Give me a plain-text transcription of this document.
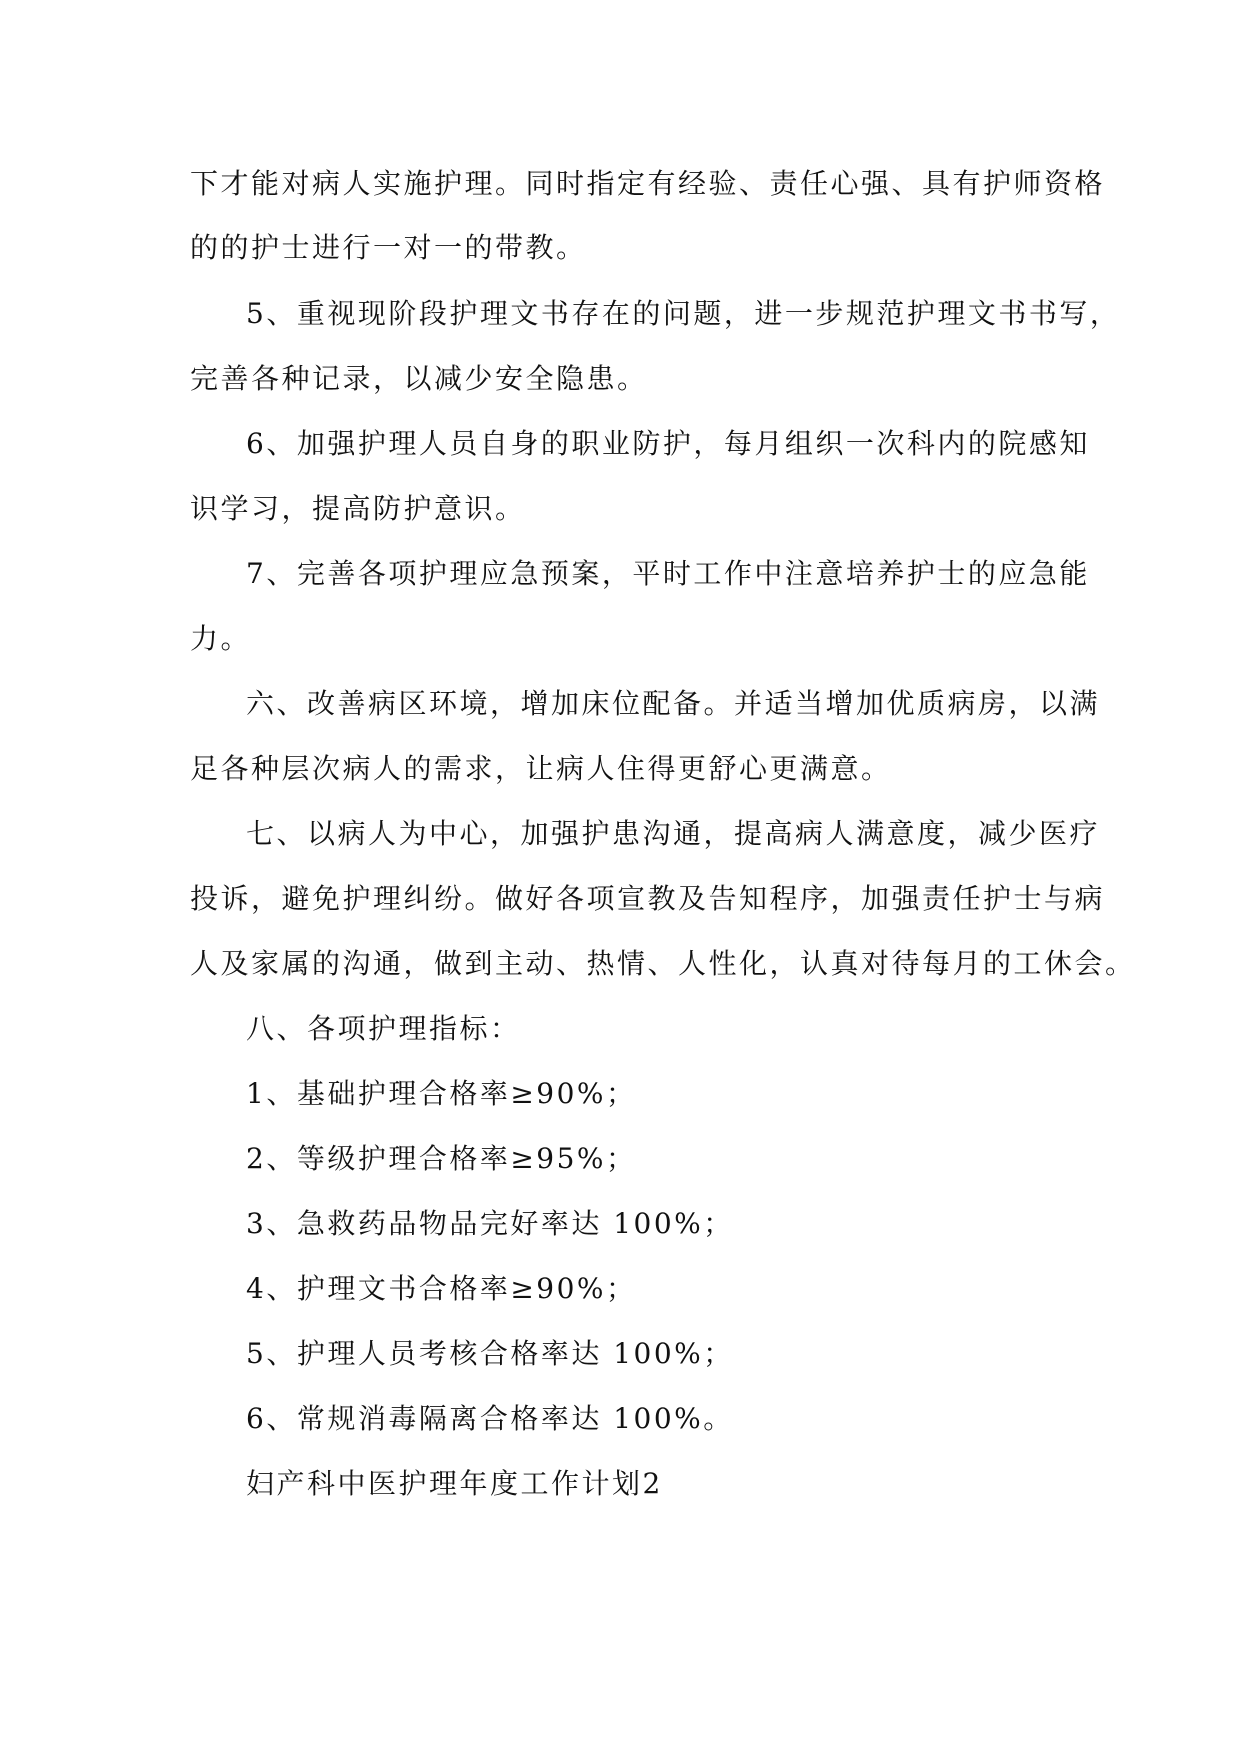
下才能对病人实施护理。同时指定有经验、责任心强、具有护师资格
的的护士进行一对一的带教。
5、重视现阶段护理文书存在的问题，进一步规范护理文书书写，
完善各种记录，以减少安全隐患。
6、加强护理人员自身的职业防护，每月组织一次科内的院感知
识学习，提高防护意识。
7、完善各项护理应急预案，平时工作中注意培养护士的应急能
力。
六、改善病区环境，增加床位配备。并适当增加优质病房，以满
足各种层次病人的需求，让病人住得更舒心更满意。
七、以病人为中心，加强护患沟通，提高病人满意度，减少医疗
投诉，避免护理纠纷。做好各项宣教及告知程序，加强责任护士与病
人及家属的沟通，做到主动、热情、人性化，认真对待每月的工休会。
八、各项护理指标：
1、基础护理合格率≥90%；
2、等级护理合格率≥95%；
3、急救药品物品完好率达 100%；
4、护理文书合格率≥90%；
5、护理人员考核合格率达 100%；
6、常规消毒隔离合格率达 100%。
妇产科中医护理年度工作计划2
